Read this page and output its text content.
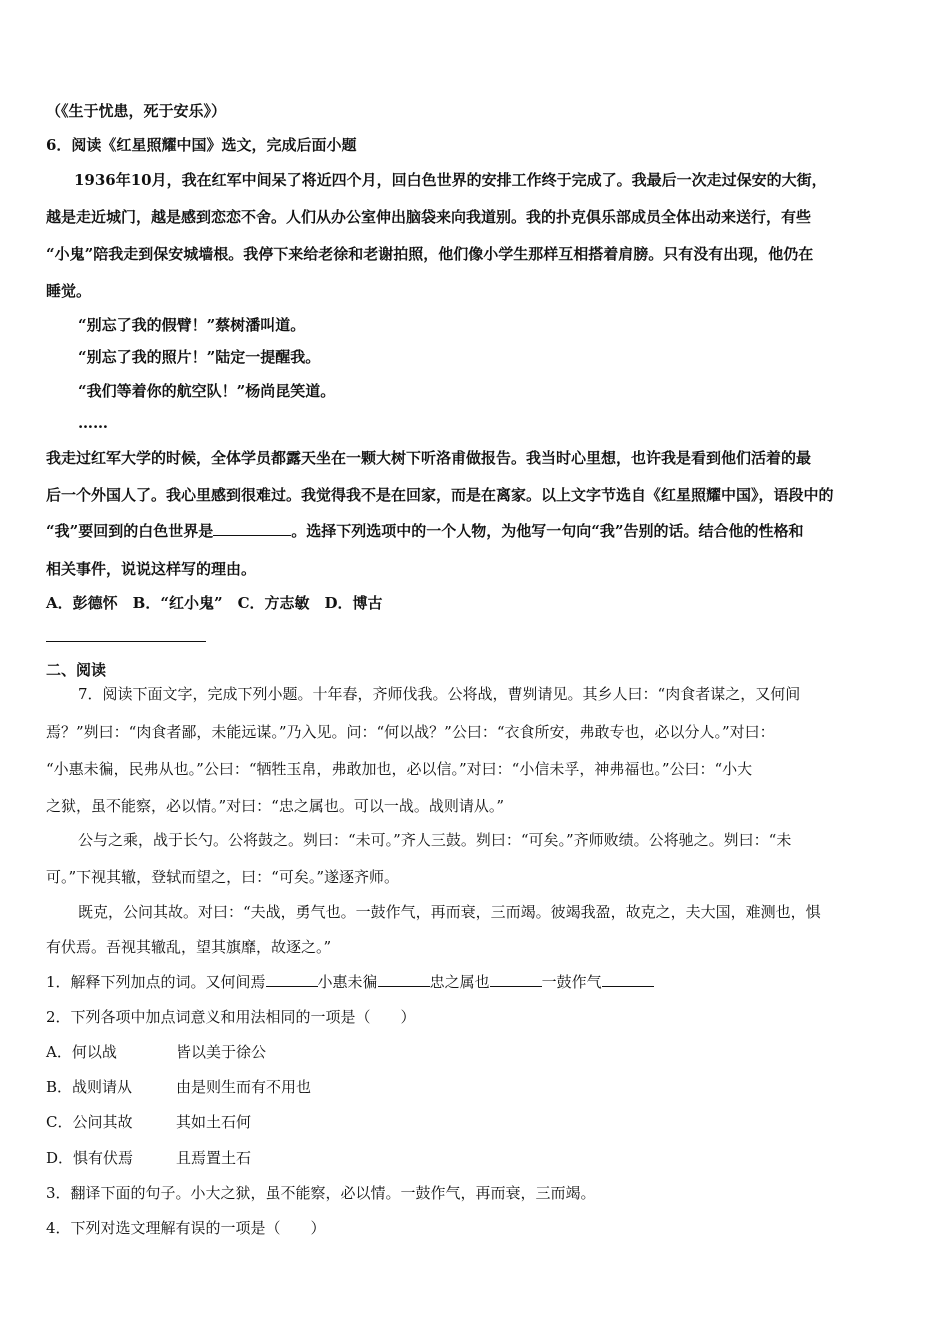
（《生于忧患，死于安乐》）
6．阅读《红星照耀中国》选文，完成后面小题
1936年10月，我在红军中间呆了将近四个月，回白色世界的安排工作终于完成了。我最后一次走过保安的大街，
越是走近城门，越是感到恋恋不舍。人们从办公室伸出脑袋来向我道别。我的扑克俱乐部成员全体出动来送行，有些
“小鬼”陪我走到保安城墙根。我停下来给老徐和老谢拍照，他们像小学生那样互相搭着肩膀。只有没有出现，他仍在
睡觉。
“别忘了我的假臂！”蔡树潘叫道。
“别忘了我的照片！”陆定一提醒我。
“我们等着你的航空队！”杨尚昆笑道。
……
我走过红军大学的时候，全体学员都露天坐在一颗大树下听洛甫做报告。我当时心里想，也许我是看到他们活着的最
后一个外国人了。我心里感到很难过。我觉得我不是在回家，而是在离家。以上文字节选自《红星照耀中国》，语段中的
“我”要回到的白色世界是	。选择下列选项中的一个人物，为他写一句向“我”告别的话。结合他的性格和
相关事件，说说这样写的理由。
A．彭德怀　B．“红小鬼”　C．方志敏　D．博古
二、阅读
7．阅读下面文字，完成下列小题。十年春，齐师伐我。公将战，曹刿请见。其乡人曰：“肉食者谋之，又何间
焉？”刿曰：“肉食者鄙，未能远谋。”乃入见。问：“何以战？”公曰：“衣食所安，弗敢专也，必以分人。”对曰：
“小惠未徧，民弗从也。”公曰：“牺牲玉帛，弗敢加也，必以信。”对曰：“小信未孚，神弗福也。”公曰：“小大
之狱，虽不能察，必以情。”对曰：“忠之属也。可以一战。战则请从。”
公与之乘，战于长勺。公将鼓之。刿曰：“未可。”齐人三鼓。刿曰：“可矣。”齐师败绩。公将驰之。刿曰：“未
可。”下视其辙，登轼而望之，曰：“可矣。”遂逐齐师。
既克，公问其故。对曰：“夫战，勇气也。一鼓作气，再而衰，三而竭。彼竭我盈，故克之，夫大国，难测也，惧
有伏焉。吾视其辙乱，望其旗靡，故逐之。”
1．解释下列加点的词。又何间焉	小惠未徧	忠之属也	一鼓作气
2．下列各项中加点词意义和用法相同的一项是（　　）
A．何以战	皆以美于徐公
B．战则请从	由是则生而有不用也
C．公问其故	其如土石何
D．惧有伏焉	且焉置土石
3．翻译下面的句子。小大之狱，虽不能察，必以情。一鼓作气，再而衰，三而竭。
4．下列对选文理解有误的一项是（　　）
